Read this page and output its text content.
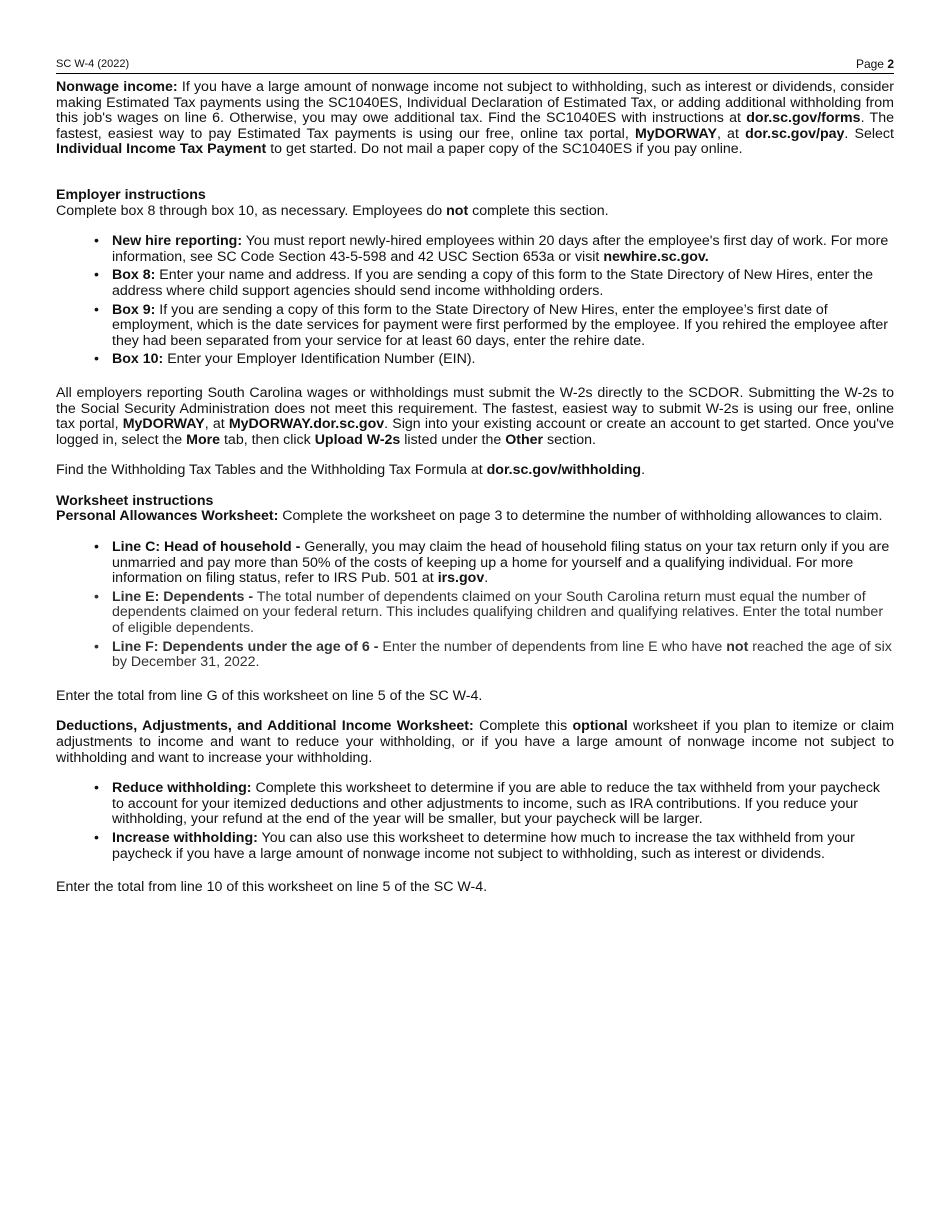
SC W-4 (2022)	Page 2

Nonwage income: If you have a large amount of nonwage income not subject to withholding, such as interest or dividends, consider making Estimated Tax payments using the SC1040ES, Individual Declaration of Estimated Tax, or adding additional withholding from this job's wages on line 6. Otherwise, you may owe additional tax. Find the SC1040ES with instructions at dor.sc.gov/forms. The fastest, easiest way to pay Estimated Tax payments is using our free, online tax portal, MyDORWAY, at dor.sc.gov/pay. Select Individual Income Tax Payment to get started. Do not mail a paper copy of the SC1040ES if you pay online.

Employer instructions

Complete box 8 through box 10, as necessary. Employees do not complete this section.

• New hire reporting: You must report newly-hired employees within 20 days after the employee's first day of work. For more information, see SC Code Section 43-5-598 and 42 USC Section 653a or visit newhire.sc.gov.
• Box 8: Enter your name and address. If you are sending a copy of this form to the State Directory of New Hires, enter the address where child support agencies should send income withholding orders.
• Box 9: If you are sending a copy of this form to the State Directory of New Hires, enter the employee’s first date of employment, which is the date services for payment were first performed by the employee. If you rehired the employee after they had been separated from your service for at least 60 days, enter the rehire date.
• Box 10: Enter your Employer Identification Number (EIN).

All employers reporting South Carolina wages or withholdings must submit the W-2s directly to the SCDOR. Submitting the W-2s to the Social Security Administration does not meet this requirement. The fastest, easiest way to submit W-2s is using our free, online tax portal, MyDORWAY, at MyDORWAY.dor.sc.gov. Sign into your existing account or create an account to get started. Once you've logged in, select the More tab, then click Upload W-2s listed under the Other section.

Find the Withholding Tax Tables and the Withholding Tax Formula at dor.sc.gov/withholding.

Worksheet instructions

Personal Allowances Worksheet: Complete the worksheet on page 3 to determine the number of withholding allowances to claim.

• Line C: Head of household - Generally, you may claim the head of household filing status on your tax return only if you are unmarried and pay more than 50% of the costs of keeping up a home for yourself and a qualifying individual. For more information on filing status, refer to IRS Pub. 501 at irs.gov.
• Line E: Dependents - The total number of dependents claimed on your South Carolina return must equal the number of dependents claimed on your federal return. This includes qualifying children and qualifying relatives. Enter the total number of eligible dependents.
• Line F: Dependents under the age of 6 - Enter the number of dependents from line E who have not reached the age of six by December 31, 2022.

Enter the total from line G of this worksheet on line 5 of the SC W-4.

Deductions, Adjustments, and Additional Income Worksheet: Complete this optional worksheet if you plan to itemize or claim adjustments to income and want to reduce your withholding, or if you have a large amount of nonwage income not subject to withholding and want to increase your withholding.

• Reduce withholding: Complete this worksheet to determine if you are able to reduce the tax withheld from your paycheck to account for your itemized deductions and other adjustments to income, such as IRA contributions. If you reduce your withholding, your refund at the end of the year will be smaller, but your paycheck will be larger.
• Increase withholding: You can also use this worksheet to determine how much to increase the tax withheld from your paycheck if you have a large amount of nonwage income not subject to withholding, such as interest or dividends.

Enter the total from line 10 of this worksheet on line 5 of the SC W-4.
